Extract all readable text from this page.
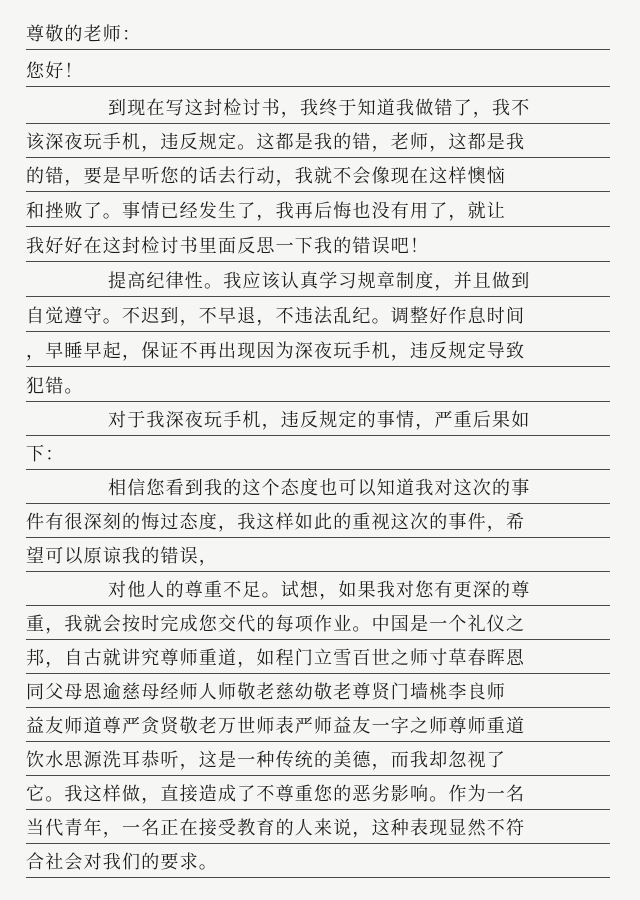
尊敬的老师：
您好！
到现在写这封检讨书，我终于知道我做错了，我不
该深夜玩手机，违反规定。这都是我的错，老师，这都是我
的错，要是早听您的话去行动，我就不会像现在这样懊恼
和挫败了。事情已经发生了，我再后悔也没有用了，就让
我好好在这封检讨书里面反思一下我的错误吧！
提高纪律性。我应该认真学习规章制度，并且做到
自觉遵守。不迟到，不早退，不违法乱纪。调整好作息时间
，早睡早起，保证不再出现因为深夜玩手机，违反规定导致
犯错。
对于我深夜玩手机，违反规定的事情，严重后果如
下：
相信您看到我的这个态度也可以知道我对这次的事
件有很深刻的悔过态度，我这样如此的重视这次的事件，希
望可以原谅我的错误，
对他人的尊重不足。试想，如果我对您有更深的尊
重，我就会按时完成您交代的每项作业。中国是一个礼仪之
邦，自古就讲究尊师重道，如程门立雪百世之师寸草春晖恩
同父母恩逾慈母经师人师敬老慈幼敬老尊贤门墙桃李良师
益友师道尊严贪贤敬老万世师表严师益友一字之师尊师重道
饮水思源洗耳恭听，这是一种传统的美德，而我却忽视了
它。我这样做，直接造成了不尊重您的恶劣影响。作为一名
当代青年，一名正在接受教育的人来说，这种表现显然不符
合社会对我们的要求。
